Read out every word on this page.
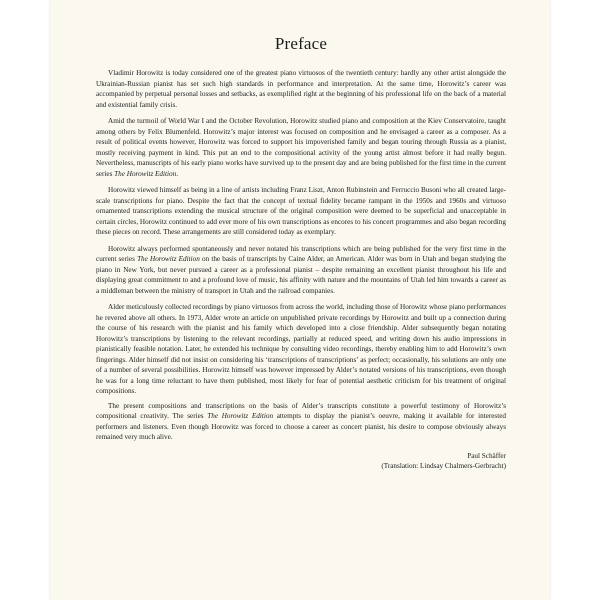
Preface

Vladimir Horowitz is today considered one of the greatest piano virtuosos of the twentieth century: hardly any other artist alongside the Ukrainian-Russian pianist has set such high standards in performance and interpretation. At the same time, Horowitz’s career was accompanied by perpetual personal losses and setbacks, as exemplified right at the beginning of his professional life on the back of a material and existential family crisis.

Amid the turmoil of World War I and the October Revolution, Horowitz studied piano and composition at the Kiev Conservatoire, taught among others by Felix Blumenfeld. Horowitz’s major interest was focused on composition and he envisaged a career as a composer. As a result of political events however, Horowitz was forced to support his impoverished family and began touring through Russia as a pianist, mostly receiving payment in kind. This put an end to the compositional activity of the young artist almost before it had really begun. Nevertheless, manuscripts of his early piano works have survived up to the present day and are being published for the first time in the current series The Horowitz Edition.

Horowitz viewed himself as being in a line of artists including Franz Liszt, Anton Rubinstein and Ferruccio Busoni who all created large-scale transcriptions for piano. Despite the fact that the concept of textual fidelity became rampant in the 1950s and 1960s and virtuoso ornamented transcriptions extending the musical structure of the original composition were deemed to be superficial and unacceptable in certain circles, Horowitz continued to add ever more of his own transcriptions as encores to his concert programmes and also began recording these pieces on record. These arrangements are still considered today as exemplary.

Horowitz always performed spontaneously and never notated his transcriptions which are being published for the very first time in the current series The Horowitz Edition on the basis of transcripts by Caine Alder, an American. Alder was born in Utah and began studying the piano in New York, but never pursued a career as a professional pianist – despite remaining an excellent pianist throughout his life and displaying great commitment to and a profound love of music, his affinity with nature and the mountains of Utah led him towards a career as a middleman between the ministry of transport in Utah and the railroad companies.

Alder meticulously collected recordings by piano virtuosos from across the world, including those of Horowitz whose piano performances he revered above all others. In 1973, Alder wrote an article on unpublished private recordings by Horowitz and built up a connection during the course of his research with the pianist and his family which developed into a close friendship. Alder subsequently began notating Horowitz’s transcriptions by listening to the relevant recordings, partially at reduced speed, and writing down his audio impressions in pianistically feasible notation. Later, he extended his technique by consulting video recordings, thereby enabling him to add Horowitz’s own fingerings. Alder himself did not insist on considering his ‘transcriptions of transcriptions’ as perfect; occasionally, his solutions are only one of a number of several possibilities. Horowitz himself was however impressed by Alder’s notated versions of his transcriptions, even though he was for a long time reluctant to have them published, most likely for fear of potential aesthetic criticism for his treatment of original compositions.

The present compositions and transcriptions on the basis of Alder’s transcripts constitute a powerful testimony of Horowitz’s compositional creativity. The series The Horowitz Edition attempts to display the pianist’s oeuvre, making it available for interested performers and listeners. Even though Horowitz was forced to choose a career as concert pianist, his desire to compose obviously always remained very much alive.

Paul Schäffer
(Translation: Lindsay Chalmers-Gerbracht)
